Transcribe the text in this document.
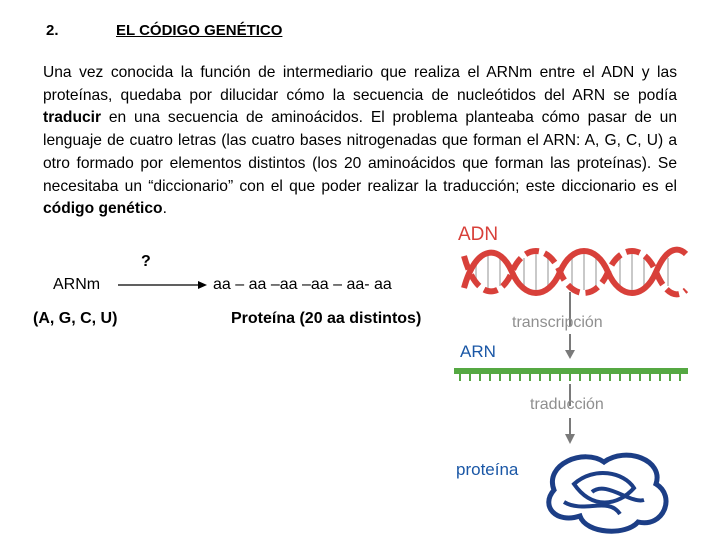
2.	EL CÓDIGO GENÉTICO
Una vez conocida la función de intermediario que realiza el ARNm entre el ADN y las proteínas, quedaba por dilucidar cómo la secuencia de nucleótidos del ARN se podía traducir en una secuencia de aminoácidos. El problema planteaba cómo pasar de un lenguaje de cuatro letras (las cuatro bases nitrogenadas que forman el ARN: A, G, C, U) a otro formado por elementos distintos (los 20 aminoácidos que forman las proteínas). Se necesitaba un “diccionario” con el que poder realizar la traducción; este diccionario es el código genético.
?
ARNm	aa – aa –aa –aa – aa- aa
(A, G, C, U)	Proteína (20 aa distintos)
ADN
transcripción
ARN
traducción
proteína
